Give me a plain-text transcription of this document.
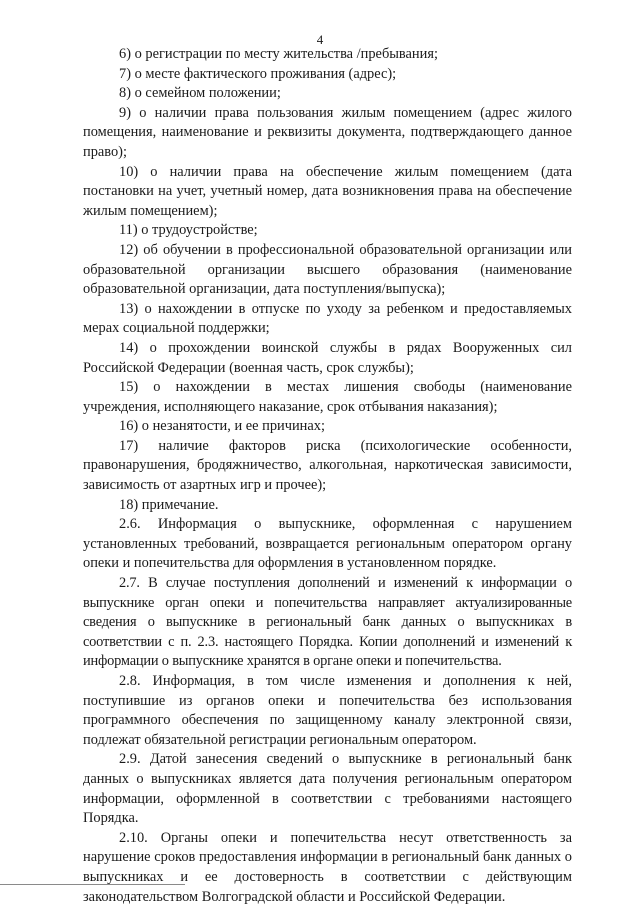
4

6) о регистрации по месту жительства /пребывания;

7) о месте фактического проживания (адрес);

8) о семейном положении;

9) о наличии права пользования жилым помещением (адрес жилого помещения, наименование и реквизиты документа, подтверждающего данное право);

10) о наличии права на обеспечение жилым помещением (дата постановки на учет, учетный номер, дата возникновения права на обеспечение жилым помещением);

11) о трудоустройстве;

12) об обучении в профессиональной образовательной организации или образовательной организации высшего образования (наименование образовательной организации, дата поступления/выпуска);

13) о нахождении в отпуске по уходу за ребенком и предоставляемых мерах социальной поддержки;

14) о прохождении воинской службы в рядах Вооруженных сил Российской Федерации (военная часть, срок службы);

15) о нахождении в местах лишения свободы (наименование учреждения, исполняющего наказание, срок отбывания наказания);

16) о незанятости, и ее причинах;

17) наличие факторов риска (психологические особенности, правонарушения, бродяжничество, алкогольная, наркотическая зависимости, зависимость от азартных игр и прочее);

18) примечание.

2.6. Информация о выпускнике, оформленная с нарушением установленных требований, возвращается региональным оператором органу опеки и попечительства для оформления в установленном порядке.

2.7. В случае поступления дополнений и изменений к информации о выпускнике орган опеки и попечительства направляет актуализированные сведения о выпускнике в региональный банк данных о выпускниках в соответствии с п. 2.3. настоящего Порядка. Копии дополнений и изменений к информации о выпускнике хранятся в органе опеки и попечительства.

2.8. Информация, в том числе изменения и дополнения к ней, поступившие из органов опеки и попечительства без использования программного обеспечения по защищенному каналу электронной связи, подлежат обязательной регистрации региональным оператором.

2.9. Датой занесения сведений о выпускнике в региональный банк данных о выпускниках является дата получения региональным оператором информации, оформленной в соответствии с требованиями настоящего Порядка.

2.10. Органы опеки и попечительства несут ответственность за нарушение сроков предоставления информации в региональный банк данных о выпускниках и ее достоверность в соответствии с действующим законодательством Волгоградской области и Российской Федерации.
